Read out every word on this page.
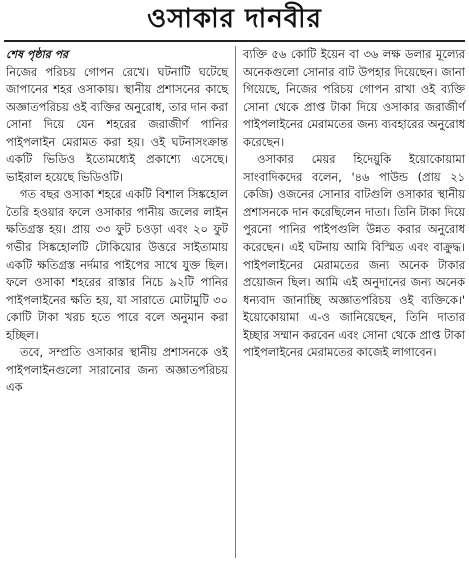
ওসাকার দানবীর
শেষ পৃষ্ঠার পর
নিজের পরিচয় গোপন রেখে। ঘটনাটি ঘটেছে জাপানের শহর ওসাকায়। স্থানীয় প্রশাসনের কাছে অজ্ঞাতপরিচয় ওই ব্যক্তির অনুরোধ, তার দান করা সোনা দিয়ে যেন শহরের জরাজীর্ণ পানির পাইপলাইন মেরামত করা হয়। ওই ঘটনাসংক্রান্ত একটি ভিডিও ইতোমধ্যেই প্রকাশ্যে এসেছে। ভাইরাল হয়েছে ভিডিওটি।
গত বছর ওসাকা শহরে একটি বিশাল সিঙ্কহোল তৈরি হওয়ার ফলে ওসাকার পানীয় জলের লাইন ক্ষতিগ্রস্ত হয়। প্রায় ৩৩ ফুট চওড়া এবং ২০ ফুট গভীর সিঙ্কহোলটি টোকিয়োর উত্তরে সাইতামায় একটি ক্ষতিগ্রস্ত নর্দমার পাইপের সাথে যুক্ত ছিল। ফলে ওসাকা শহরের রাস্তার নিচে ৯২টি পানির পাইপলাইনের ক্ষতি হয়, যা সারাতে মোটামুটি ৩০ কোটি টাকা খরচ হতে পারে বলে অনুমান করা হচ্ছিল।
তবে, সম্প্রতি ওসাকার স্থানীয় প্রশাসনকে ওই পাইপলাইনগুলো সারানোর জন্য অজ্ঞাতপরিচয় এক
ব্যক্তি ৫৬ কোটি ইয়েন বা ৩৬ লক্ষ ডলার মূল্যের অনেকগুলো সোনার বাট উপহার দিয়েছেন। জানা গিয়েছে, নিজের পরিচয় গোপন রাখা ওই ব্যক্তি সোনা থেকে প্রাপ্ত টাকা দিয়ে ওসাকার জরাজীর্ণ পাইপলাইনের মেরামতের জন্য ব্যবহারের অনুরোধ করেছেন।
ওসাকার মেয়র হিদেয়ুকি ইয়োকোয়ামা সাংবাদিকদের বলেন, '৪৬ পাউন্ড (প্রায় ২১ কেজি) ওজনের সোনার বাটগুলি ওসাকার স্থানীয় প্রশাসনকে দান করেছিলেন দাতা। তিনি টাকা দিয়ে পুরনো পানির পাইপগুলি উন্নত করার অনুরোধ করেছেন। এই ঘটনায় আমি বিস্মিত এবং বাক্রুদ্ধ। পাইপলাইনের মেরামতের জন্য অনেক টাকার প্রয়োজন ছিল। আমি এই অনুদানের জন্য অনেক ধন্যবাদ জানাচ্ছি অজ্ঞাতপরিচয় ওই ব্যক্তিকে।' ইয়োকোয়ামা এ-ও জানিয়েছেন, তিনি দাতার ইচ্ছার সম্মান করবেন এবং সোনা থেকে প্রাপ্ত টাকা পাইপলাইনের মেরামতের কাজেই লাগাবেন।
